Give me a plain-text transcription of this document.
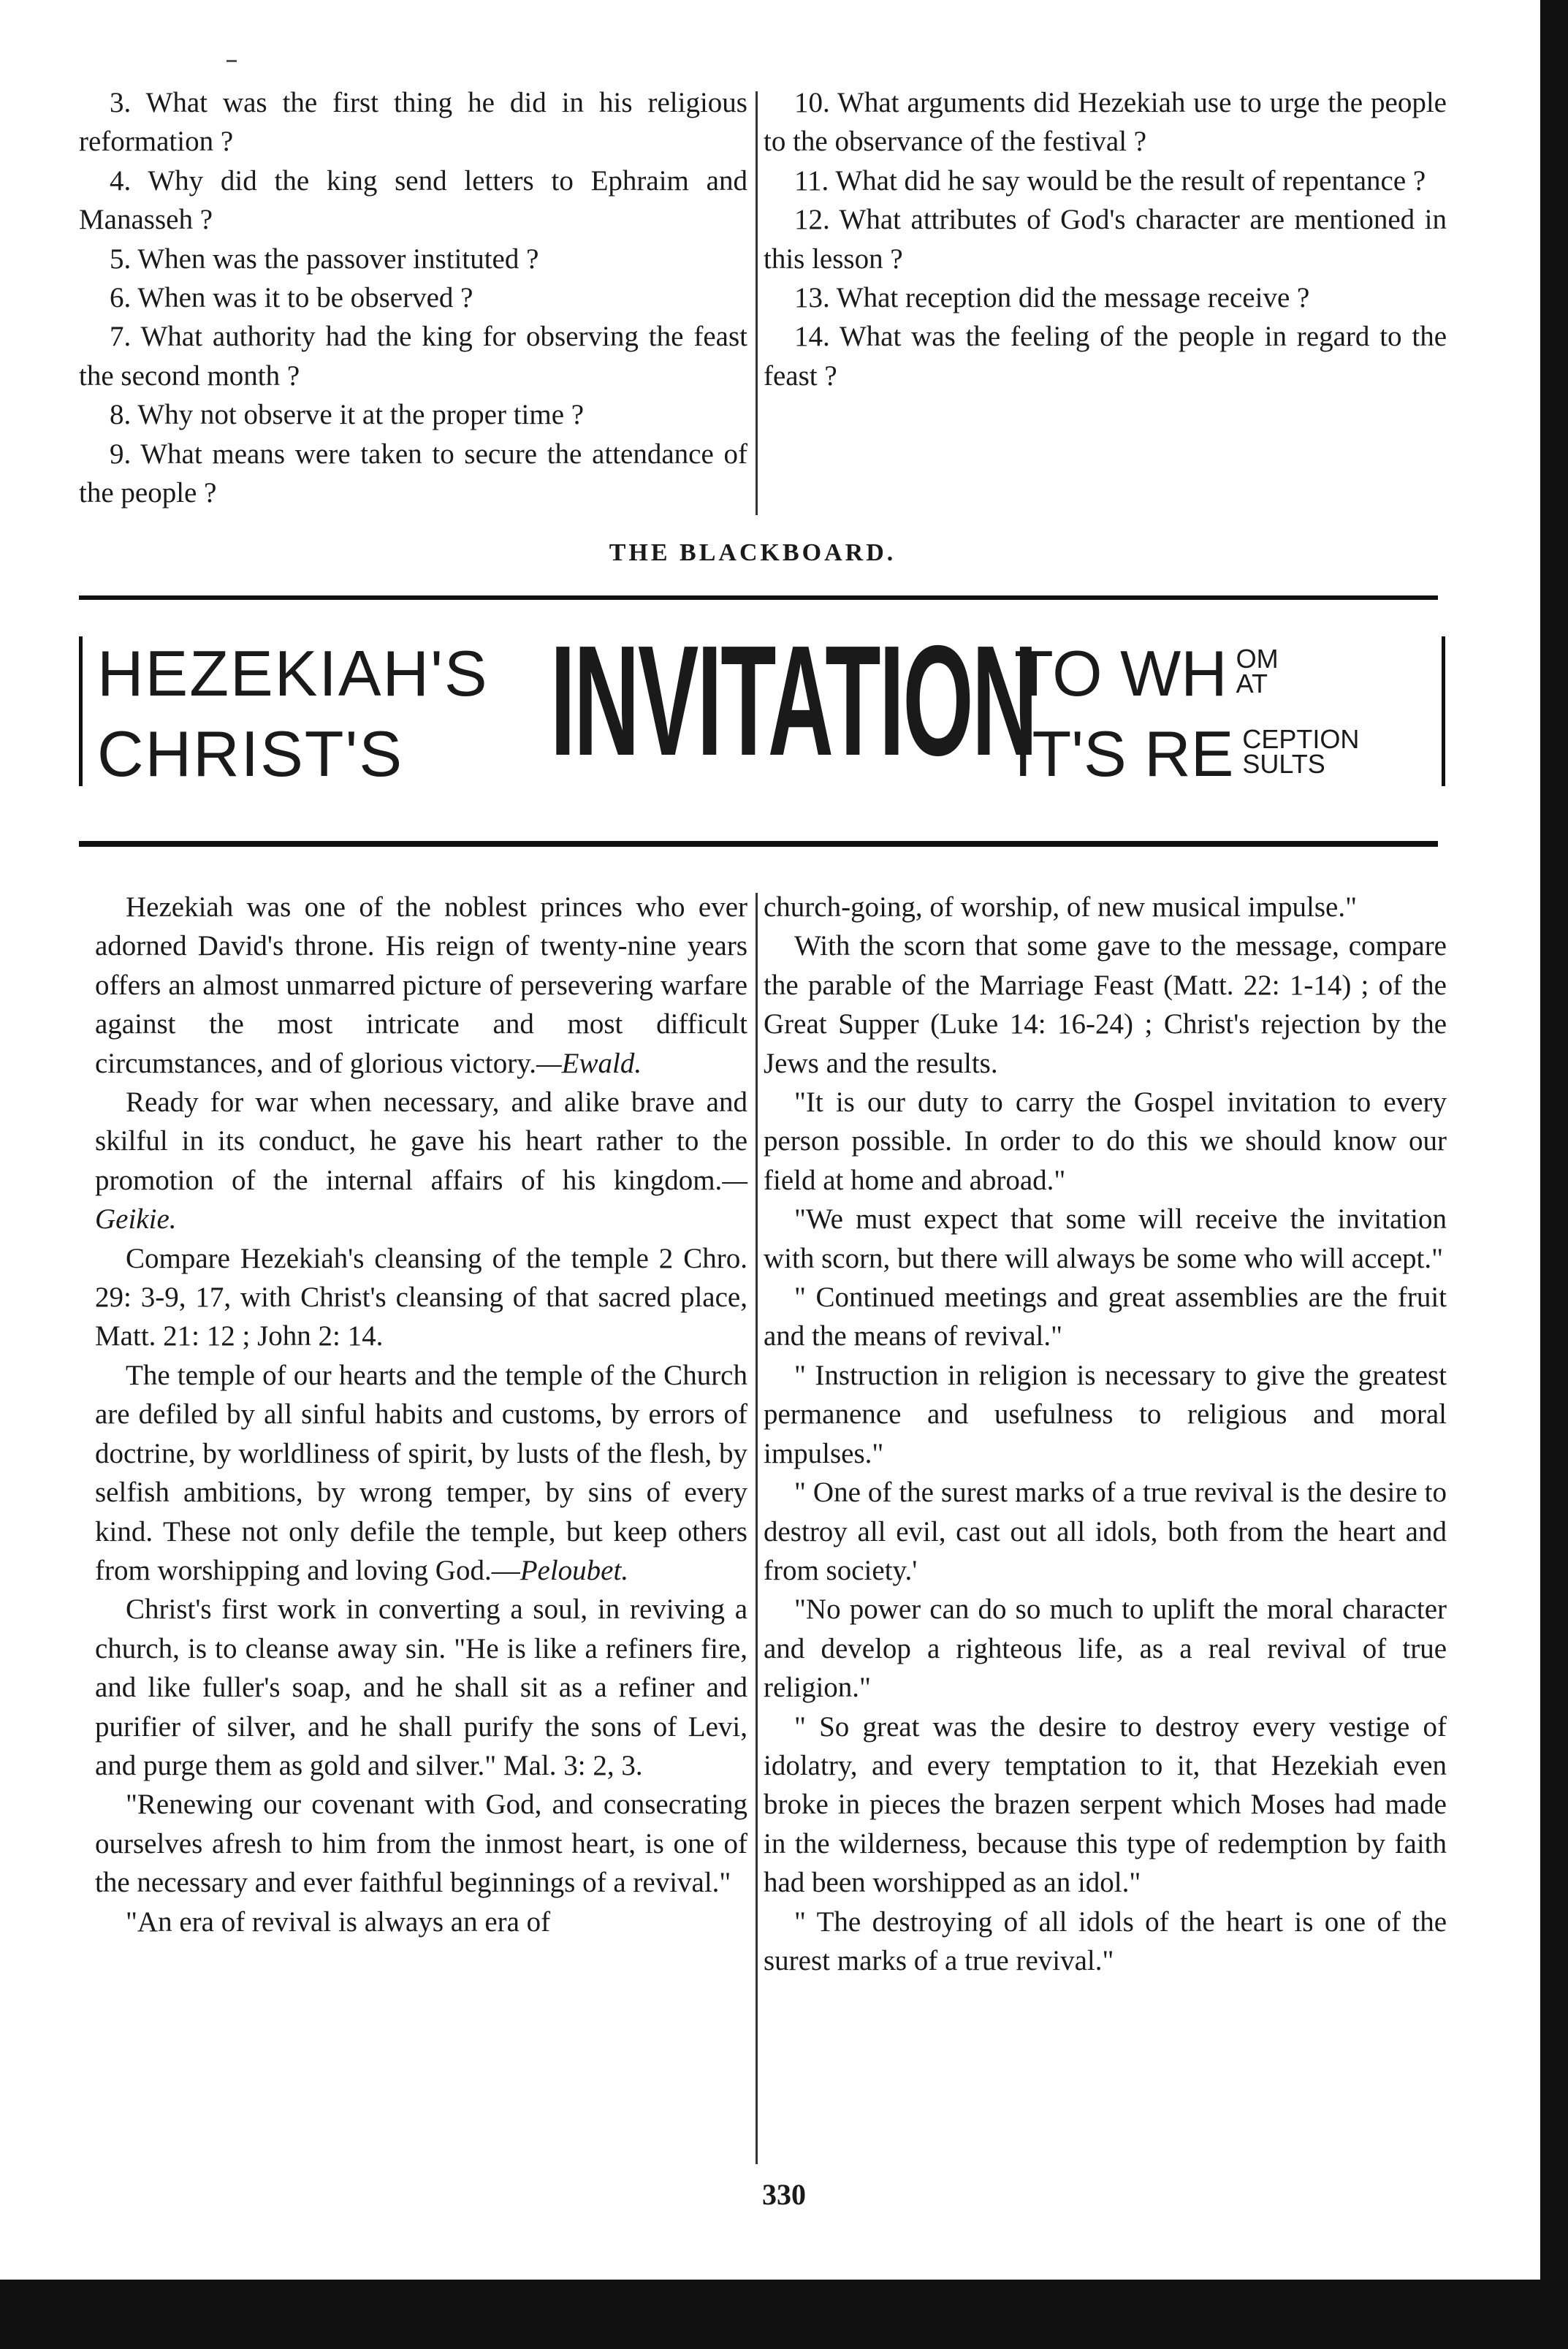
3. What was the first thing he did in his religious reformation ?

4. Why did the king send letters to Ephraim and Manasseh ?

5. When was the passover instituted ?

6. When was it to be observed ?

7. What authority had the king for observing the feast the second month ?

8. Why not observe it at the proper time ?

9. What means were taken to secure the attendance of the people ?

10. What arguments did Hezekiah use to urge the people to the observance of the festival ?

11. What did he say would be the result of repentance ?

12. What attributes of God's character are mentioned in this lesson ?

13. What reception did the message receive ?

14. What was the feeling of the people in regard to the feast ?

THE BLACKBOARD.
HEZEKIAH'S
CHRIST'S INVITATION
TO WH OM
AT
IT'S RE CEPTION
SULTS

Hezekiah was one of the noblest princes who ever adorned David's throne. His reign of twenty-nine years offers an almost unmarred picture of persevering warfare against the most intricate and most difficult circumstances, and of glorious victory.—Ewald.

Ready for war when necessary, and alike brave and skilful in its conduct, he gave his heart rather to the promotion of the internal affairs of his kingdom.—Geikie.

Compare Hezekiah's cleansing of the temple 2 Chro. 29: 3-9, 17, with Christ's cleansing of that sacred place, Matt. 21: 12 ; John 2: 14.

The temple of our hearts and the temple of the Church are defiled by all sinful habits and customs, by errors of doctrine, by worldliness of spirit, by lusts of the flesh, by selfish ambitions, by wrong temper, by sins of every kind. These not only defile the temple, but keep others from worshipping and loving God.—Peloubet.

Christ's first work in converting a soul, in reviving a church, is to cleanse away sin. "He is like a refiners fire, and like fuller's soap, and he shall sit as a refiner and purifier of silver, and he shall purify the sons of Levi, and purge them as gold and silver." Mal. 3: 2, 3.

"Renewing our covenant with God, and consecrating ourselves afresh to him from the inmost heart, is one of the necessary and ever faithful beginnings of a revival."

"An era of revival is always an era of

church-going, of worship, of new musical impulse."

With the scorn that some gave to the message, compare the parable of the Marriage Feast (Matt. 22: 1-14) ; of the Great Supper (Luke 14: 16-24) ; Christ's rejection by the Jews and the results.

"It is our duty to carry the Gospel invitation to every person possible. In order to do this we should know our field at home and abroad."

"We must expect that some will receive the invitation with scorn, but there will always be some who will accept."

" Continued meetings and great assemblies are the fruit and the means of revival."

" Instruction in religion is necessary to give the greatest permanence and usefulness to religious and moral impulses."

" One of the surest marks of a true revival is the desire to destroy all evil, cast out all idols, both from the heart and from society.'

"No power can do so much to uplift the moral character and develop a righteous life, as a real revival of true religion."

" So great was the desire to destroy every vestige of idolatry, and every temptation to it, that Hezekiah even broke in pieces the brazen serpent which Moses had made in the wilderness, because this type of redemption by faith had been worshipped as an idol."

" The destroying of all idols of the heart is one of the surest marks of a true revival."

330
